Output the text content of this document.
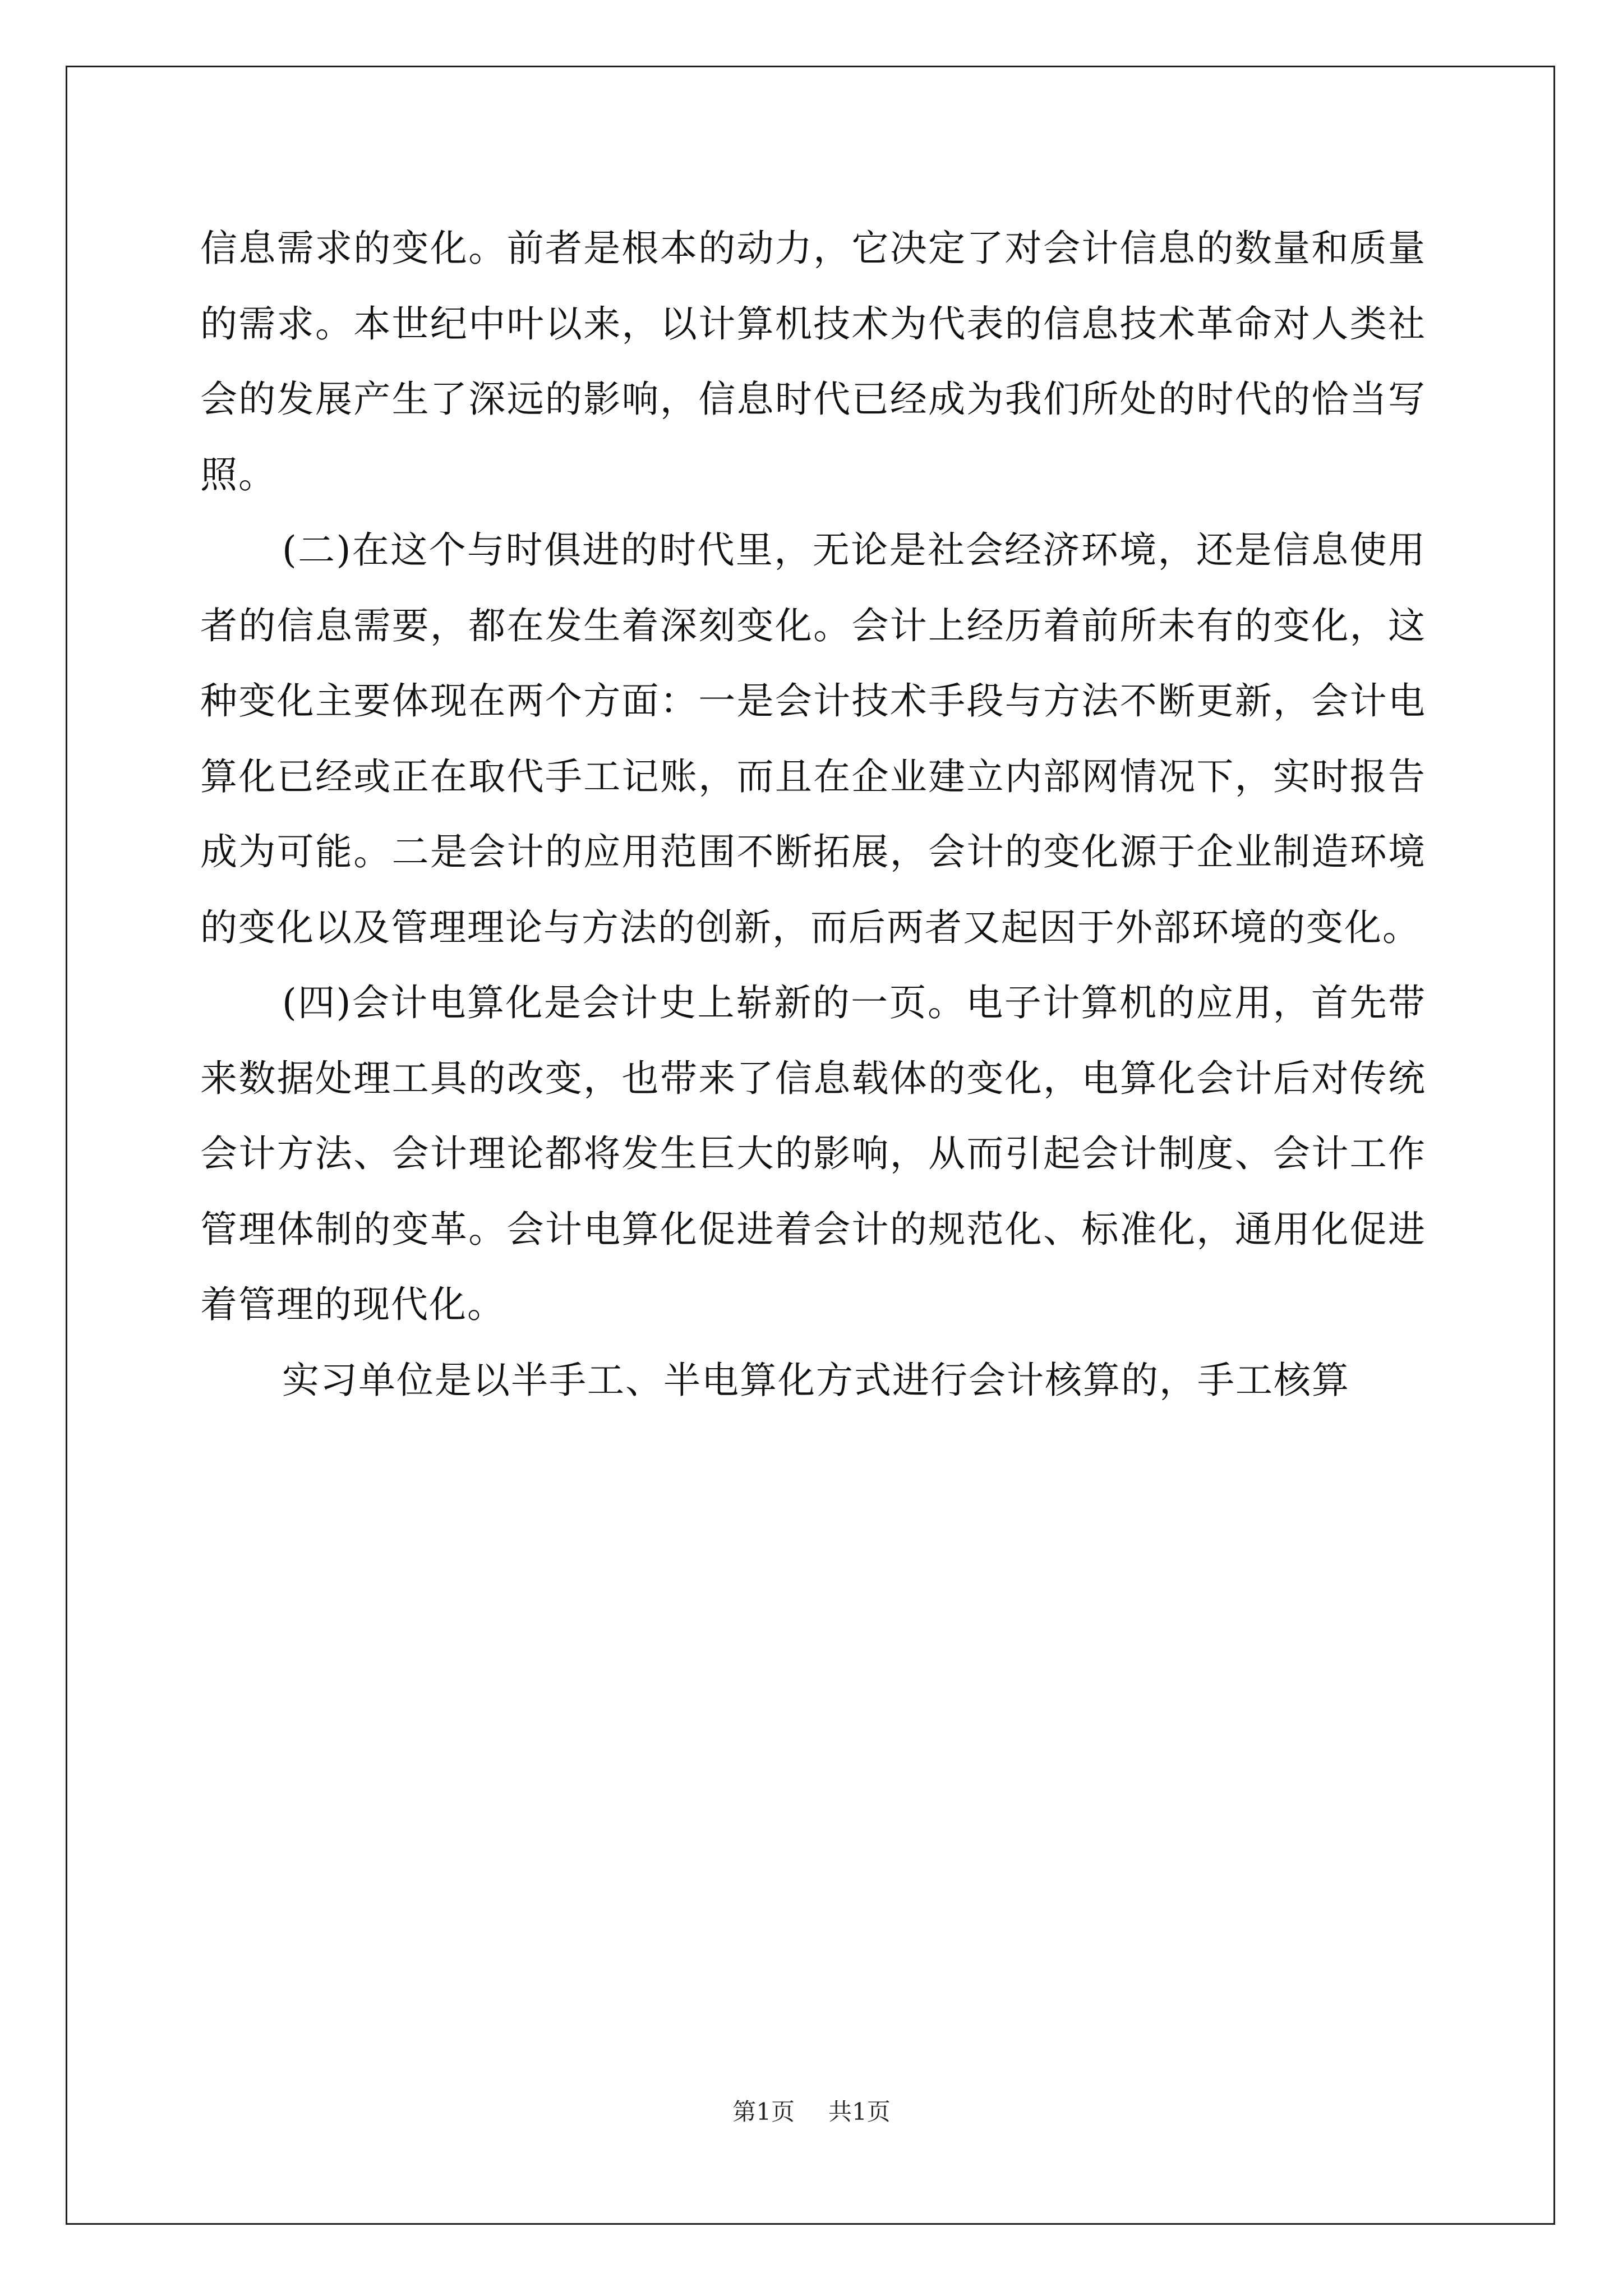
信息需求的变化。前者是根本的动力，它决定了对会计信息的数量和质量的需求。本世纪中叶以来，以计算机技术为代表的信息技术革命对人类社会的发展产生了深远的影响，信息时代已经成为我们所处的时代的恰当写照。

(二)在这个与时俱进的时代里，无论是社会经济环境，还是信息使用者的信息需要，都在发生着深刻变化。会计上经历着前所未有的变化，这种变化主要体现在两个方面：一是会计技术手段与方法不断更新，会计电算化已经或正在取代手工记账，而且在企业建立内部网情况下，实时报告成为可能。二是会计的应用范围不断拓展，会计的变化源于企业制造环境的变化以及管理理论与方法的创新，而后两者又起因于外部环境的变化。

(四)会计电算化是会计史上崭新的一页。电子计算机的应用，首先带来数据处理工具的改变，也带来了信息载体的变化，电算化会计后对传统会计方法、会计理论都将发生巨大的影响，从而引起会计制度、会计工作管理体制的变革。会计电算化促进着会计的规范化、标准化，通用化促进着管理的现代化。

实习单位是以半手工、半电算化方式进行会计核算的，手工核算

第1页 共1页
